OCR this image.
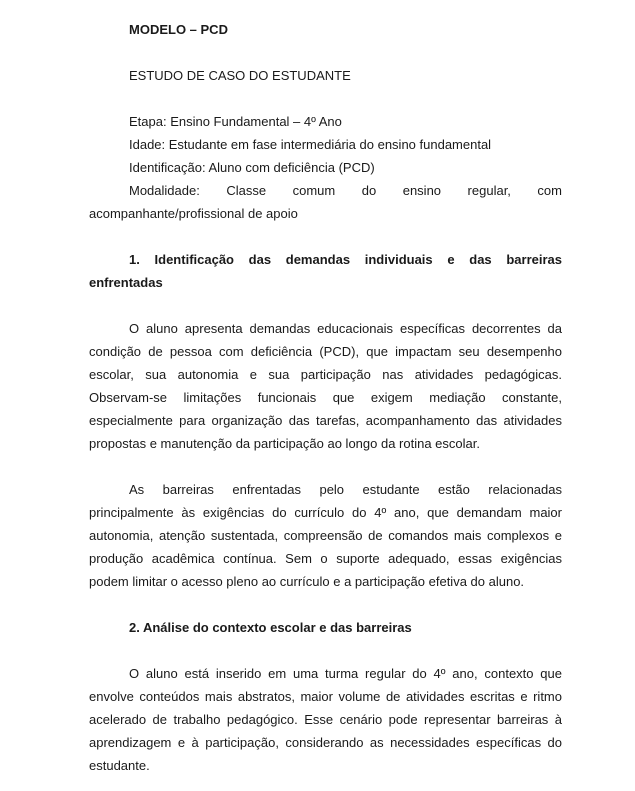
MODELO – PCD
ESTUDO DE CASO DO ESTUDANTE
Etapa: Ensino Fundamental – 4º Ano
Idade: Estudante em fase intermediária do ensino fundamental
Identificação: Aluno com deficiência (PCD)
Modalidade: Classe comum do ensino regular, com
acompanhante/profissional de apoio
1. Identificação das demandas individuais e das barreiras
enfrentadas
O aluno apresenta demandas educacionais específicas decorrentes da
condição de pessoa com deficiência (PCD), que impactam seu desempenho
escolar, sua autonomia e sua participação nas atividades pedagógicas.
Observam-se limitações funcionais que exigem mediação constante,
especialmente para organização das tarefas, acompanhamento das atividades
propostas e manutenção da participação ao longo da rotina escolar.
As barreiras enfrentadas pelo estudante estão relacionadas
principalmente às exigências do currículo do 4º ano, que demandam maior
autonomia, atenção sustentada, compreensão de comandos mais complexos e
produção acadêmica contínua. Sem o suporte adequado, essas exigências
podem limitar o acesso pleno ao currículo e a participação efetiva do aluno.
2. Análise do contexto escolar e das barreiras
O aluno está inserido em uma turma regular do 4º ano, contexto que
envolve conteúdos mais abstratos, maior volume de atividades escritas e ritmo
acelerado de trabalho pedagógico. Esse cenário pode representar barreiras à
aprendizagem e à participação, considerando as necessidades específicas do
estudante.
